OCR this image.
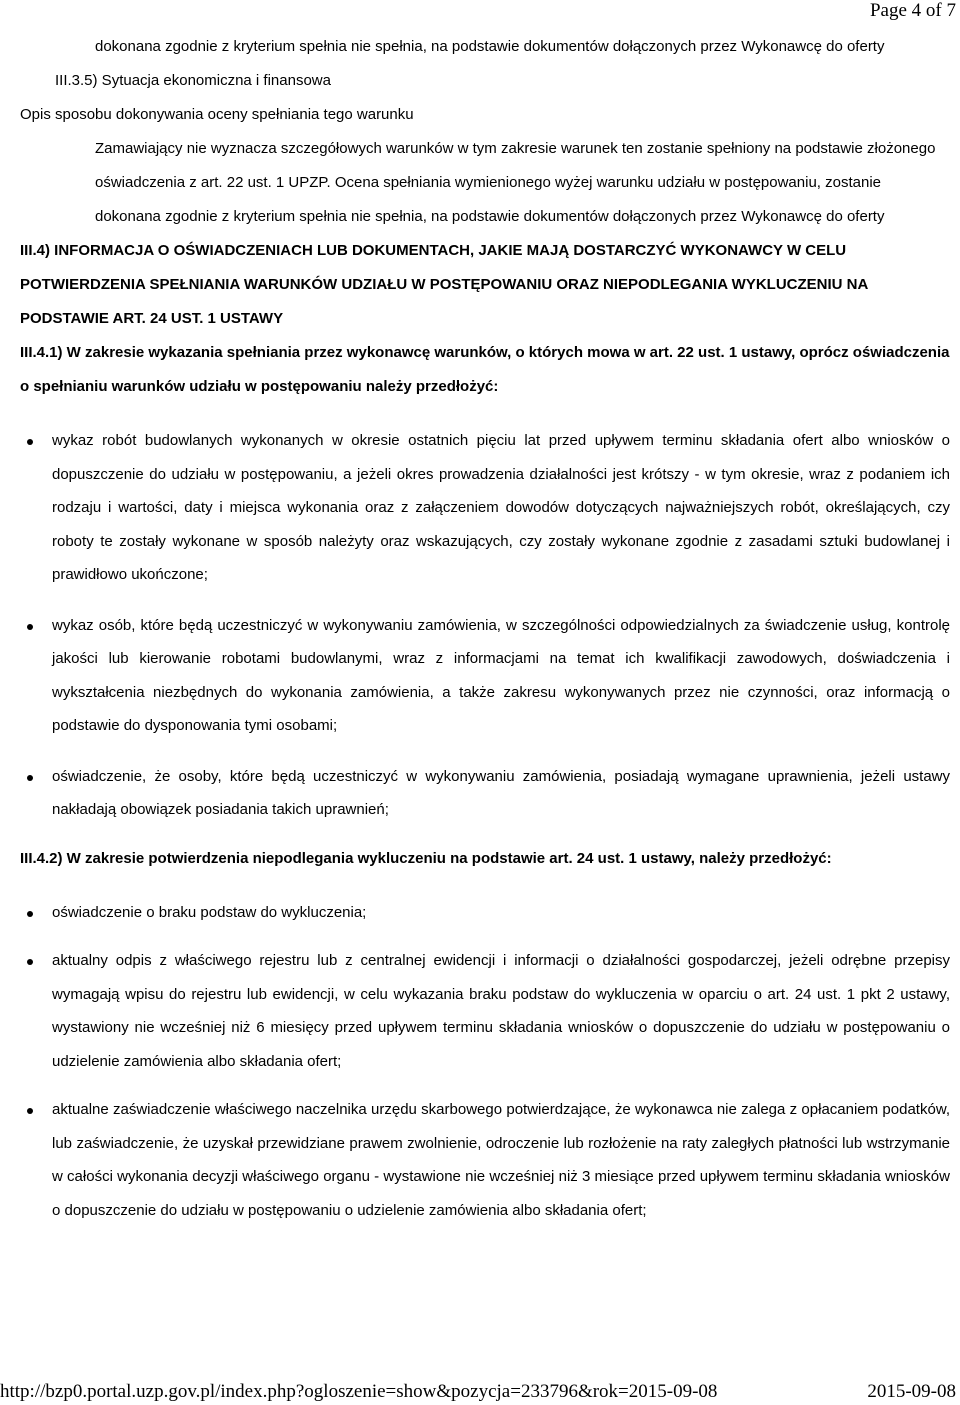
Page 4 of 7

dokonana zgodnie z kryterium spełnia nie spełnia, na podstawie dokumentów dołączonych przez Wykonawcę do oferty

III.3.5) Sytuacja ekonomiczna i finansowa

Opis sposobu dokonywania oceny spełniania tego warunku

Zamawiający nie wyznacza szczegółowych warunków w tym zakresie warunek ten zostanie spełniony na podstawie złożonego oświadczenia z art. 22 ust. 1 UPZP. Ocena spełniania wymienionego wyżej warunku udziału w postępowaniu, zostanie dokonana zgodnie z kryterium spełnia nie spełnia, na podstawie dokumentów dołączonych przez Wykonawcę do oferty

III.4) INFORMACJA O OŚWIADCZENIACH LUB DOKUMENTACH, JAKIE MAJĄ DOSTARCZYĆ WYKONAWCY W CELU POTWIERDZENIA SPEŁNIANIA WARUNKÓW UDZIAŁU W POSTĘPOWANIU ORAZ NIEPODLEGANIA WYKLUCZENIU NA PODSTAWIE ART. 24 UST. 1 USTAWY

III.4.1) W zakresie wykazania spełniania przez wykonawcę warunków, o których mowa w art. 22 ust. 1 ustawy, oprócz oświadczenia o spełnianiu warunków udziału w postępowaniu należy przedłożyć:

wykaz robót budowlanych wykonanych w okresie ostatnich pięciu lat przed upływem terminu składania ofert albo wniosków o dopuszczenie do udziału w postępowaniu, a jeżeli okres prowadzenia działalności jest krótszy - w tym okresie, wraz z podaniem ich rodzaju i wartości, daty i miejsca wykonania oraz z załączeniem dowodów dotyczących najważniejszych robót, określających, czy roboty te zostały wykonane w sposób należyty oraz wskazujących, czy zostały wykonane zgodnie z zasadami sztuki budowlanej i prawidłowo ukończone;
wykaz osób, które będą uczestniczyć w wykonywaniu zamówienia, w szczególności odpowiedzialnych za świadczenie usług, kontrolę jakości lub kierowanie robotami budowlanymi, wraz z informacjami na temat ich kwalifikacji zawodowych, doświadczenia i wykształcenia niezbędnych do wykonania zamówienia, a także zakresu wykonywanych przez nie czynności, oraz informacją o podstawie do dysponowania tymi osobami;
oświadczenie, że osoby, które będą uczestniczyć w wykonywaniu zamówienia, posiadają wymagane uprawnienia, jeżeli ustawy nakładają obowiązek posiadania takich uprawnień;

III.4.2) W zakresie potwierdzenia niepodlegania wykluczeniu na podstawie art. 24 ust. 1 ustawy, należy przedłożyć:

oświadczenie o braku podstaw do wykluczenia;
aktualny odpis z właściwego rejestru lub z centralnej ewidencji i informacji o działalności gospodarczej, jeżeli odrębne przepisy wymagają wpisu do rejestru lub ewidencji, w celu wykazania braku podstaw do wykluczenia w oparciu o art. 24 ust. 1 pkt 2 ustawy, wystawiony nie wcześniej niż 6 miesięcy przed upływem terminu składania wniosków o dopuszczenie do udziału w postępowaniu o udzielenie zamówienia albo składania ofert;
aktualne zaświadczenie właściwego naczelnika urzędu skarbowego potwierdzające, że wykonawca nie zalega z opłacaniem podatków, lub zaświadczenie, że uzyskał przewidziane prawem zwolnienie, odroczenie lub rozłożenie na raty zaległych płatności lub wstrzymanie w całości wykonania decyzji właściwego organu - wystawione nie wcześniej niż 3 miesiące przed upływem terminu składania wniosków o dopuszczenie do udziału w postępowaniu o udzielenie zamówienia albo składania ofert;
http://bzp0.portal.uzp.gov.pl/index.php?ogloszenie=show&pozycja=233796&rok=2015-09-08	2015-09-08
